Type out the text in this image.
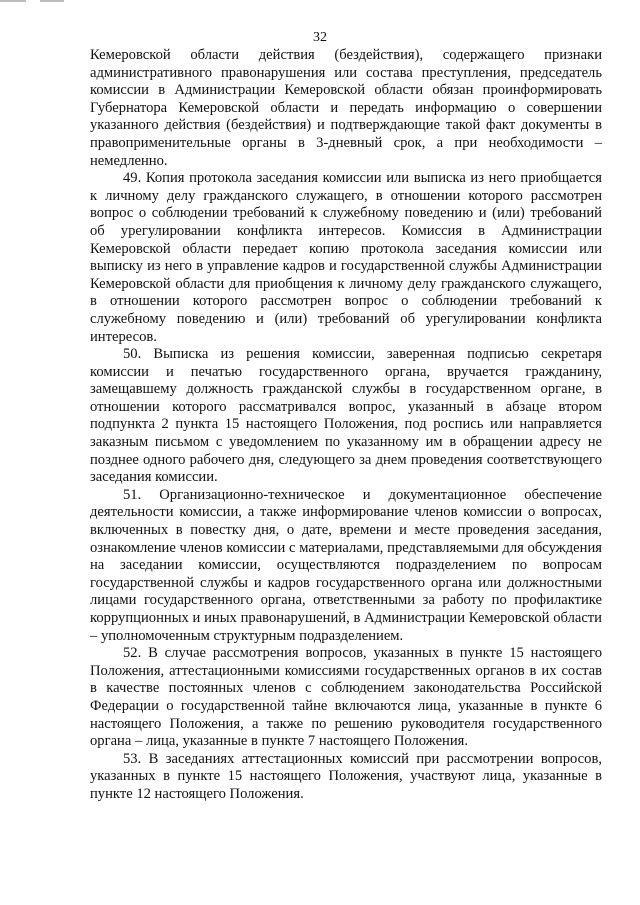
32

Кемеровской области действия (бездействия), содержащего признаки административного правонарушения или состава преступления, председатель комиссии в Администрации Кемеровской области обязан проинформировать Губернатора Кемеровской области и передать информацию о совершении указанного действия (бездействия) и подтверждающие такой факт документы в правоприменительные органы в 3-дневный срок, а при необходимости – немедленно.

49. Копия протокола заседания комиссии или выписка из него приобщается к личному делу гражданского служащего, в отношении которого рассмотрен вопрос о соблюдении требований к служебному поведению и (или) требований об урегулировании конфликта интересов. Комиссия в Администрации Кемеровской области передает копию протокола заседания комиссии или выписку из него в управление кадров и государственной службы Администрации Кемеровской области для приобщения к личному делу гражданского служащего, в отношении которого рассмотрен вопрос о соблюдении требований к служебному поведению и (или) требований об урегулировании конфликта интересов.

50. Выписка из решения комиссии, заверенная подписью секретаря комиссии и печатью государственного органа, вручается гражданину, замещавшему должность гражданской службы в государственном органе, в отношении которого рассматривался вопрос, указанный в абзаце втором подпункта 2 пункта 15 настоящего Положения, под роспись или направляется заказным письмом с уведомлением по указанному им в обращении адресу не позднее одного рабочего дня, следующего за днем проведения соответствующего заседания комиссии.

51. Организационно-техническое и документационное обеспечение деятельности комиссии, а также информирование членов комиссии о вопросах, включенных в повестку дня, о дате, времени и месте проведения заседания, ознакомление членов комиссии с материалами, представляемыми для обсуждения на заседании комиссии, осуществляются подразделением по вопросам государственной службы и кадров государственного органа или должностными лицами государственного органа, ответственными за работу по профилактике коррупционных и иных правонарушений, в Администрации Кемеровской области – уполномоченным структурным подразделением.

52. В случае рассмотрения вопросов, указанных в пункте 15 настоящего Положения, аттестационными комиссиями государственных органов в их состав в качестве постоянных членов с соблюдением законодательства Российской Федерации о государственной тайне включаются лица, указанные в пункте 6 настоящего Положения, а также по решению руководителя государственного органа – лица, указанные в пункте 7 настоящего Положения.

53. В заседаниях аттестационных комиссий при рассмотрении вопросов, указанных в пункте 15 настоящего Положения, участвуют лица, указанные в пункте 12 настоящего Положения.
